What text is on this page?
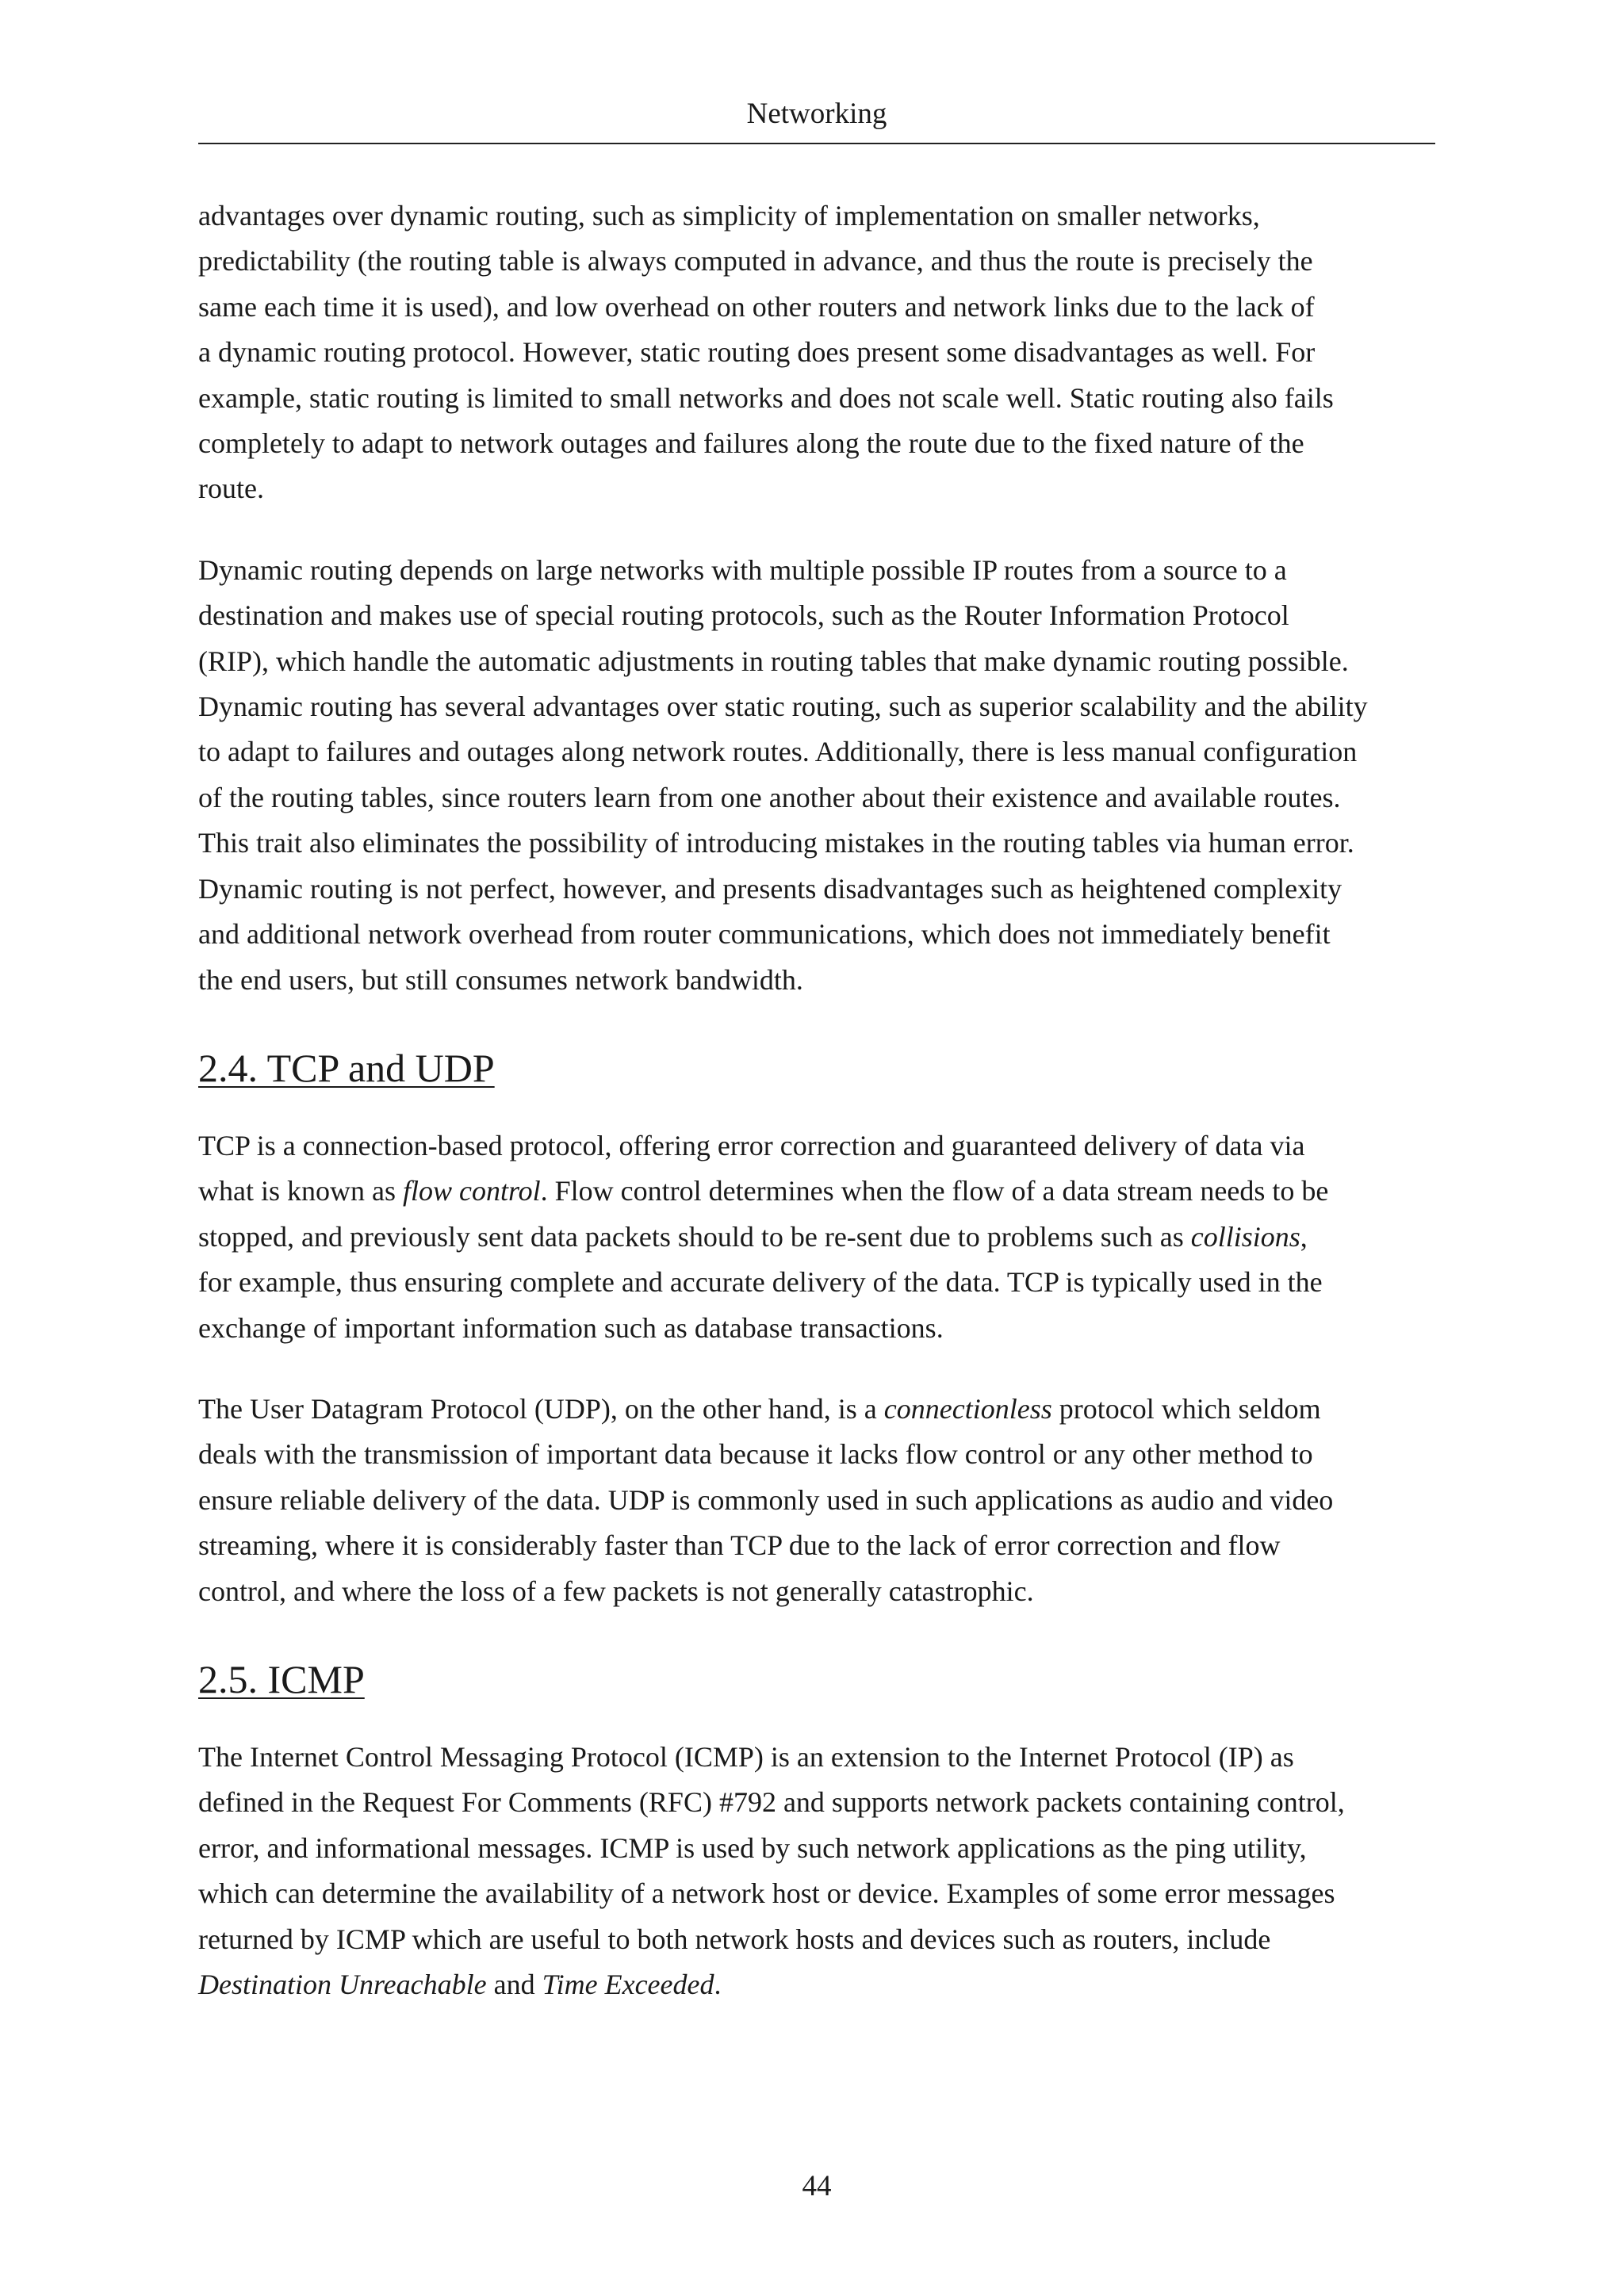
Networking

advantages over dynamic routing, such as simplicity of implementation on smaller networks,
predictability (the routing table is always computed in advance, and thus the route is precisely the
same each time it is used), and low overhead on other routers and network links due to the lack of
a dynamic routing protocol. However, static routing does present some disadvantages as well. For
example, static routing is limited to small networks and does not scale well. Static routing also fails
completely to adapt to network outages and failures along the route due to the fixed nature of the
route.

Dynamic routing depends on large networks with multiple possible IP routes from a source to a
destination and makes use of special routing protocols, such as the Router Information Protocol
(RIP), which handle the automatic adjustments in routing tables that make dynamic routing possible.
Dynamic routing has several advantages over static routing, such as superior scalability and the ability
to adapt to failures and outages along network routes. Additionally, there is less manual configuration
of the routing tables, since routers learn from one another about their existence and available routes.
This trait also eliminates the possibility of introducing mistakes in the routing tables via human error.
Dynamic routing is not perfect, however, and presents disadvantages such as heightened complexity
and additional network overhead from router communications, which does not immediately benefit
the end users, but still consumes network bandwidth.

2.4. TCP and UDP

TCP is a connection-based protocol, offering error correction and guaranteed delivery of data via
what is known as flow control. Flow control determines when the flow of a data stream needs to be
stopped, and previously sent data packets should to be re-sent due to problems such as collisions,
for example, thus ensuring complete and accurate delivery of the data. TCP is typically used in the
exchange of important information such as database transactions.

The User Datagram Protocol (UDP), on the other hand, is a connectionless protocol which seldom
deals with the transmission of important data because it lacks flow control or any other method to
ensure reliable delivery of the data. UDP is commonly used in such applications as audio and video
streaming, where it is considerably faster than TCP due to the lack of error correction and flow
control, and where the loss of a few packets is not generally catastrophic.

2.5. ICMP

The Internet Control Messaging Protocol (ICMP) is an extension to the Internet Protocol (IP) as
defined in the Request For Comments (RFC) #792 and supports network packets containing control,
error, and informational messages. ICMP is used by such network applications as the ping utility,
which can determine the availability of a network host or device. Examples of some error messages
returned by ICMP which are useful to both network hosts and devices such as routers, include
Destination Unreachable and Time Exceeded.

44
